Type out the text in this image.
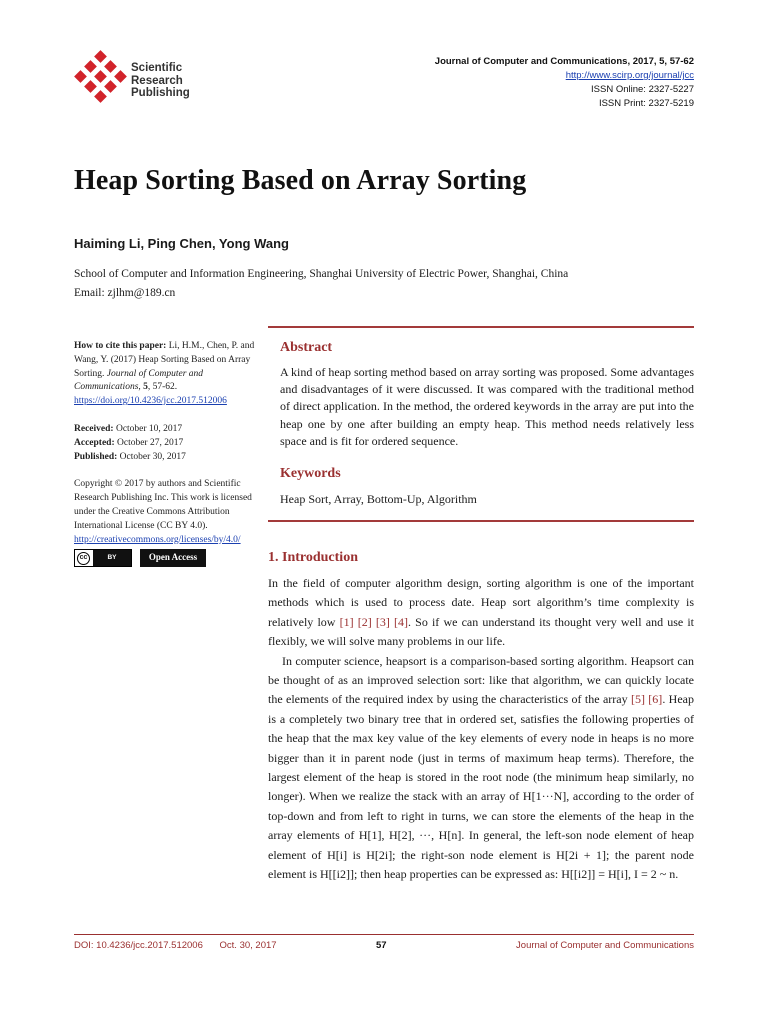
Scientific
Research
Publishing
Journal of Computer and Communications, 2017, 5, 57-62
http://www.scirp.org/journal/jcc
ISSN Online: 2327-5227
ISSN Print: 2327-5219
Heap Sorting Based on Array Sorting
Haiming Li, Ping Chen, Yong Wang
School of Computer and Information Engineering, Shanghai University of Electric Power, Shanghai, China
Email: zjlhm@189.cn
How to cite this paper: Li, H.M., Chen, P. and Wang, Y. (2017) Heap Sorting Based on Array Sorting. Journal of Computer and Communications, 5, 57-62.
https://doi.org/10.4236/jcc.2017.512006
Received: October 10, 2017
Accepted: October 27, 2017
Published: October 30, 2017
Copyright © 2017 by authors and Scientific Research Publishing Inc. This work is licensed under the Creative Commons Attribution International License (CC BY 4.0).
http://creativecommons.org/licenses/by/4.0/
cc	BY	Open Access
Abstract
A kind of heap sorting method based on array sorting was proposed. Some advantages and disadvantages of it were discussed. It was compared with the traditional method of direct application. In the method, the ordered keywords in the array are put into the heap one by one after building an empty heap. This method needs relatively less space and is fit for ordered sequence.
Keywords
Heap Sort, Array, Bottom-Up, Algorithm
1. Introduction

In the field of computer algorithm design, sorting algorithm is one of the important methods which is used to process date. Heap sort algorithm’s time complexity is relatively low [1] [2] [3] [4]. So if we can understand its thought very well and use it flexibly, we will solve many problems in our life.

In computer science, heapsort is a comparison-based sorting algorithm. Heapsort can be thought of as an improved selection sort: like that algorithm, we can quickly locate the elements of the required index by using the characteristics of the array [5] [6]. Heap is a completely two binary tree that in ordered set, satisfies the following properties of the heap that the max key value of the key elements of every node in heaps is no more bigger than it in parent node (just in terms of maximum heap terms). Therefore, the largest element of the heap is stored in the root node (the minimum heap similarly, no longer). When we realize the stack with an array of H[1···N], according to the order of top-down and from left to right in turns, we can store the elements of the heap in the array elements of H[1], H[2], ···, H[n]. In general, the left-son node element of heap element of H[i] is H[2i]; the right-son node element is H[2i + 1]; the parent node element is H[[i2]]; then heap properties can be expressed as: H[[i2]] = H[i], I = 2 ~ n.

DOI: 10.4236/jcc.2017.512006 Oct. 30, 2017	57	Journal of Computer and Communications
